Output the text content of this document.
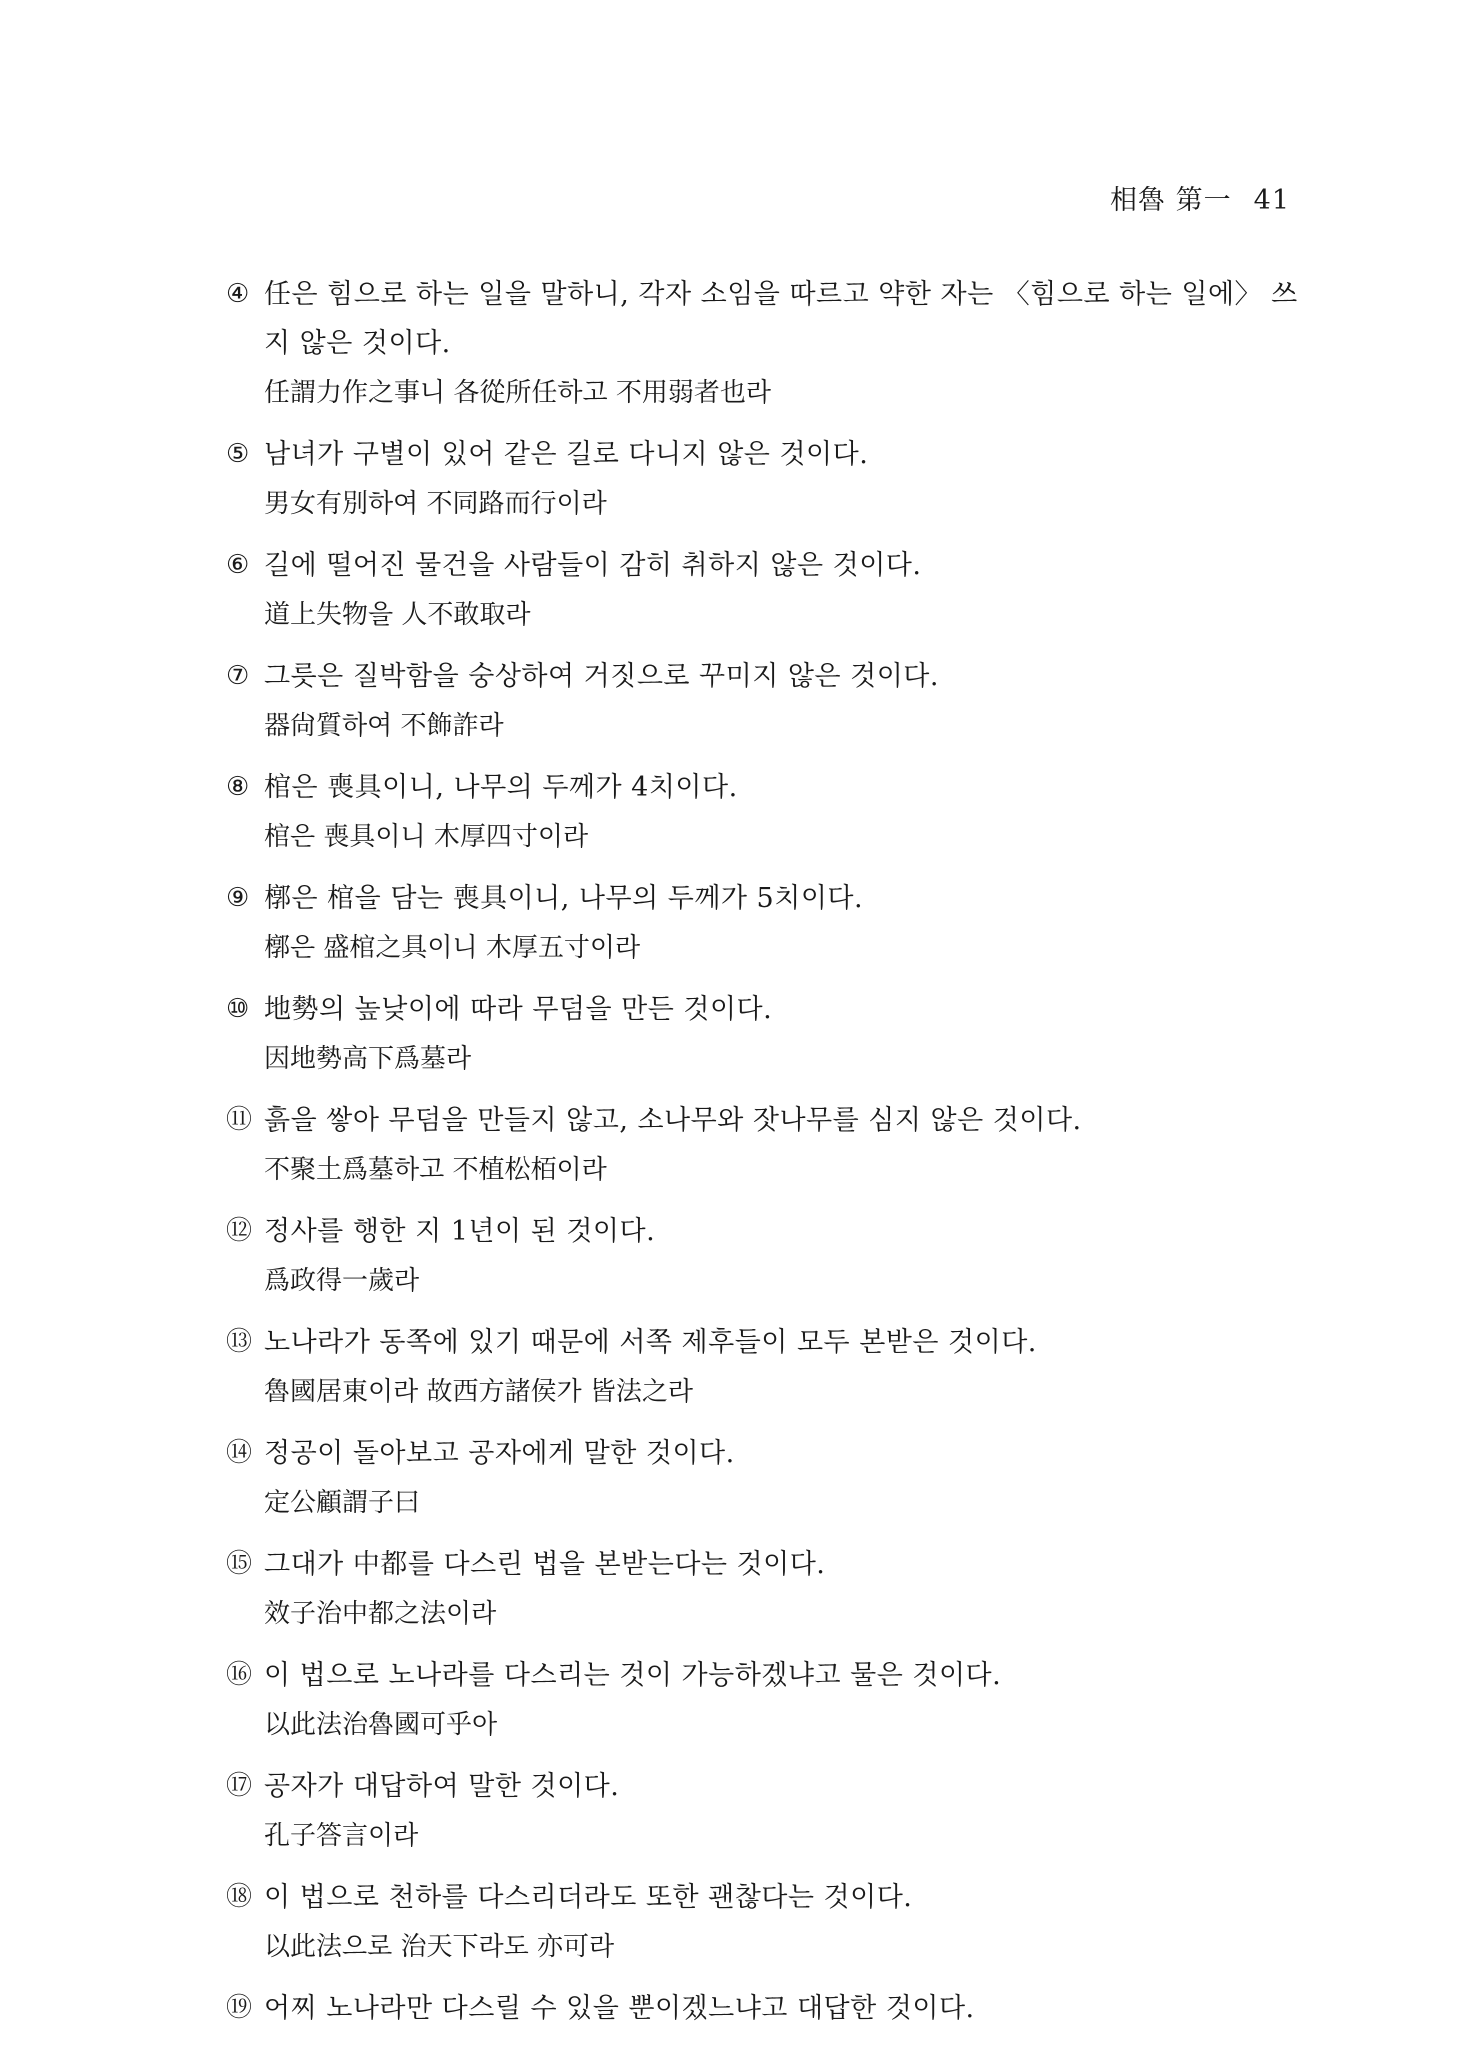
相魯 第一 41
④ 任은 힘으로 하는 일을 말하니, 각자 소임을 따르고 약한 자는 〈힘으로 하는 일에〉 쓰지 않은 것이다.
任謂力作之事니 各從所任하고 不用弱者也라
⑤ 남녀가 구별이 있어 같은 길로 다니지 않은 것이다.
男女有別하여 不同路而行이라
⑥ 길에 떨어진 물건을 사람들이 감히 취하지 않은 것이다.
道上失物을 人不敢取라
⑦ 그릇은 질박함을 숭상하여 거짓으로 꾸미지 않은 것이다.
器尙質하여 不飾詐라
⑧ 棺은 喪具이니, 나무의 두께가 4치이다.
棺은 喪具이니 木厚四寸이라
⑨ 槨은 棺을 담는 喪具이니, 나무의 두께가 5치이다.
槨은 盛棺之具이니 木厚五寸이라
⑩ 地勢의 높낮이에 따라 무덤을 만든 것이다.
因地勢高下爲墓라
⑪ 흙을 쌓아 무덤을 만들지 않고, 소나무와 잣나무를 심지 않은 것이다.
不聚土爲墓하고 不植松栢이라
⑫ 정사를 행한 지 1년이 된 것이다.
爲政得一歲라
⑬ 노나라가 동쪽에 있기 때문에 서쪽 제후들이 모두 본받은 것이다.
魯國居東이라 故西方諸侯가 皆法之라
⑭ 정공이 돌아보고 공자에게 말한 것이다.
定公顧謂子曰
⑮ 그대가 中都를 다스린 법을 본받는다는 것이다.
效子治中都之法이라
⑯ 이 법으로 노나라를 다스리는 것이 가능하겠냐고 물은 것이다.
以此法治魯國可乎아
⑰ 공자가 대답하여 말한 것이다.
孔子答言이라
⑱ 이 법으로 천하를 다스리더라도 또한 괜찮다는 것이다.
以此法으로 治天下라도 亦可라
⑲ 어찌 노나라만 다스릴 수 있을 뿐이겠느냐고 대답한 것이다.
